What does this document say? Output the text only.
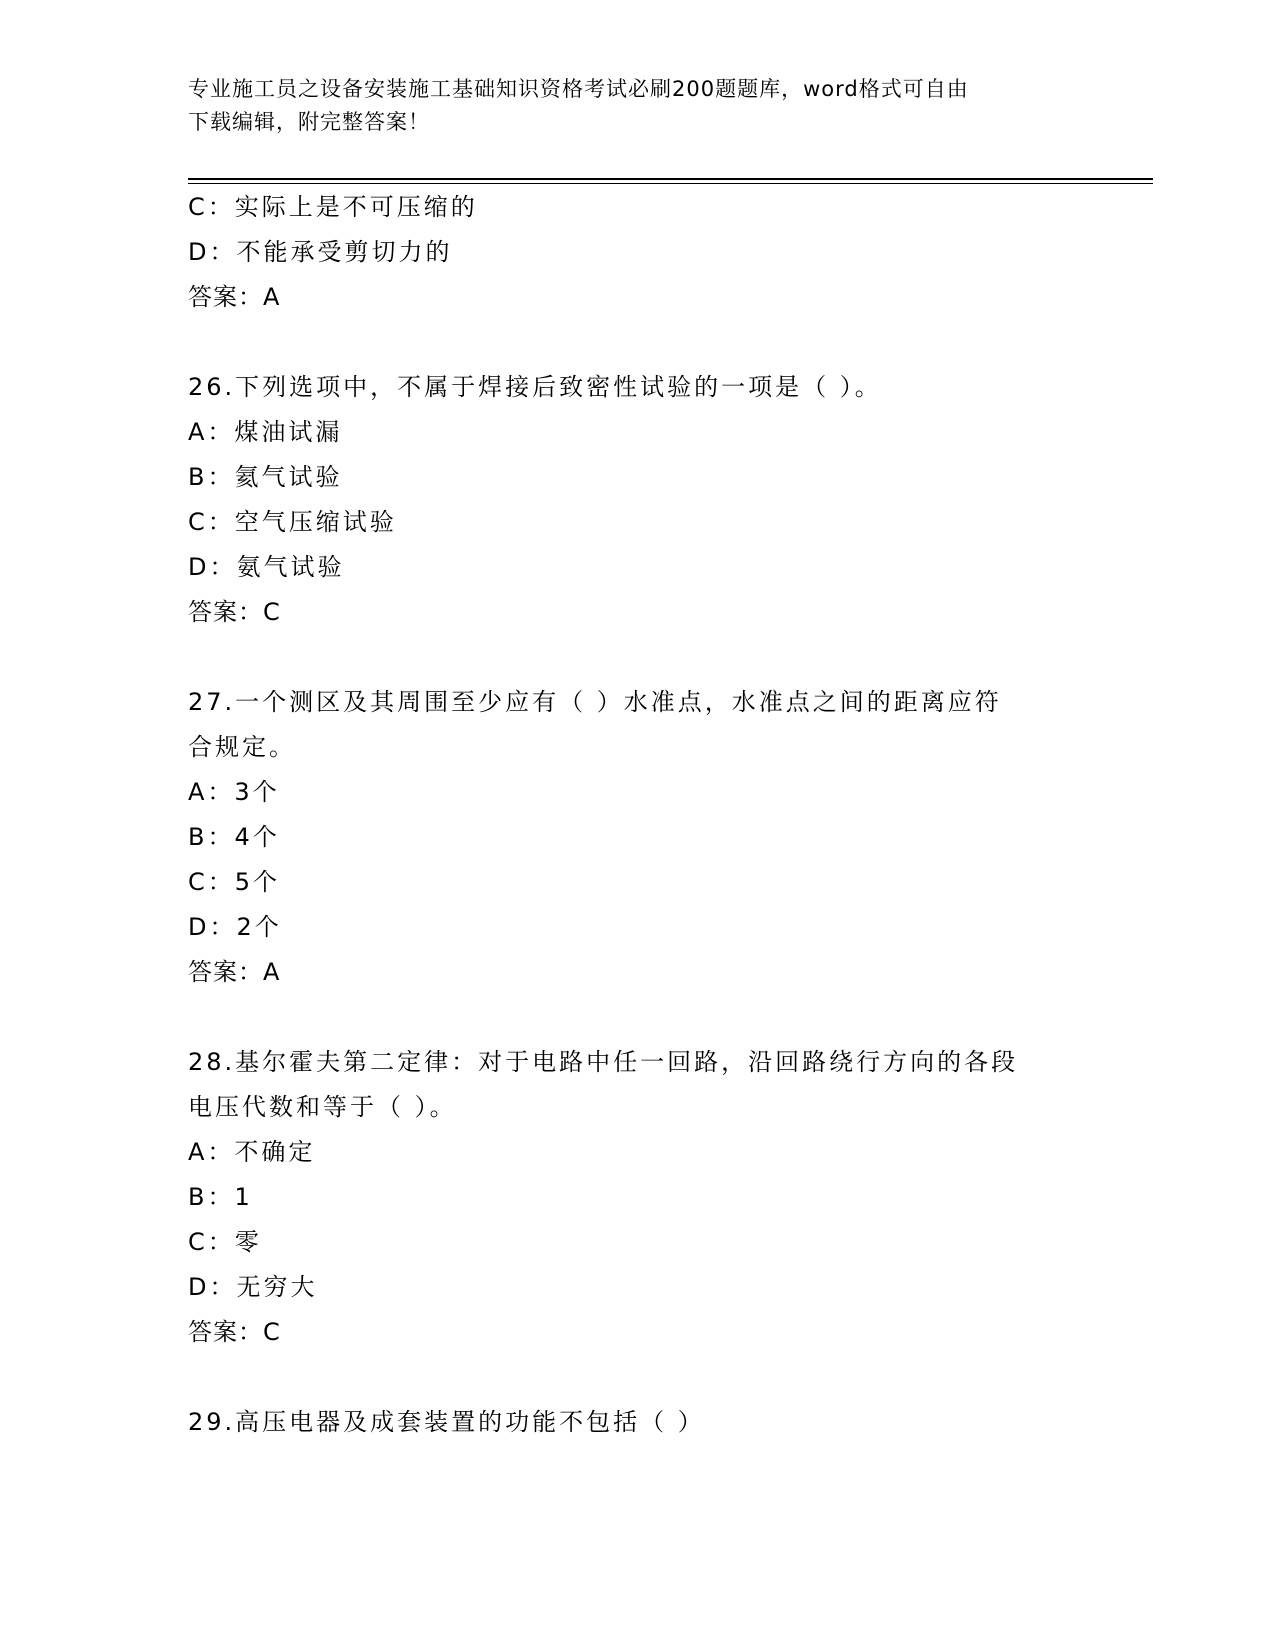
专业施工员之设备安装施工基础知识资格考试必刷200题题库，word格式可自由
下载编辑，附完整答案！
C：实际上是不可压缩的
D：不能承受剪切力的
答案：A
26.下列选项中，不属于焊接后致密性试验的一项是（ ）。
A：煤油试漏
B：氦气试验
C：空气压缩试验
D：氨气试验
答案：C
27.一个测区及其周围至少应有（ ）水准点，水准点之间的距离应符
合规定。
A：3个
B：4个
C：5个
D：2个
答案：A
28.基尔霍夫第二定律：对于电路中任一回路，沿回路绕行方向的各段
电压代数和等于（ ）。
A：不确定
B：1
C：零
D：无穷大
答案：C
29.高压电器及成套装置的功能不包括（ ）
